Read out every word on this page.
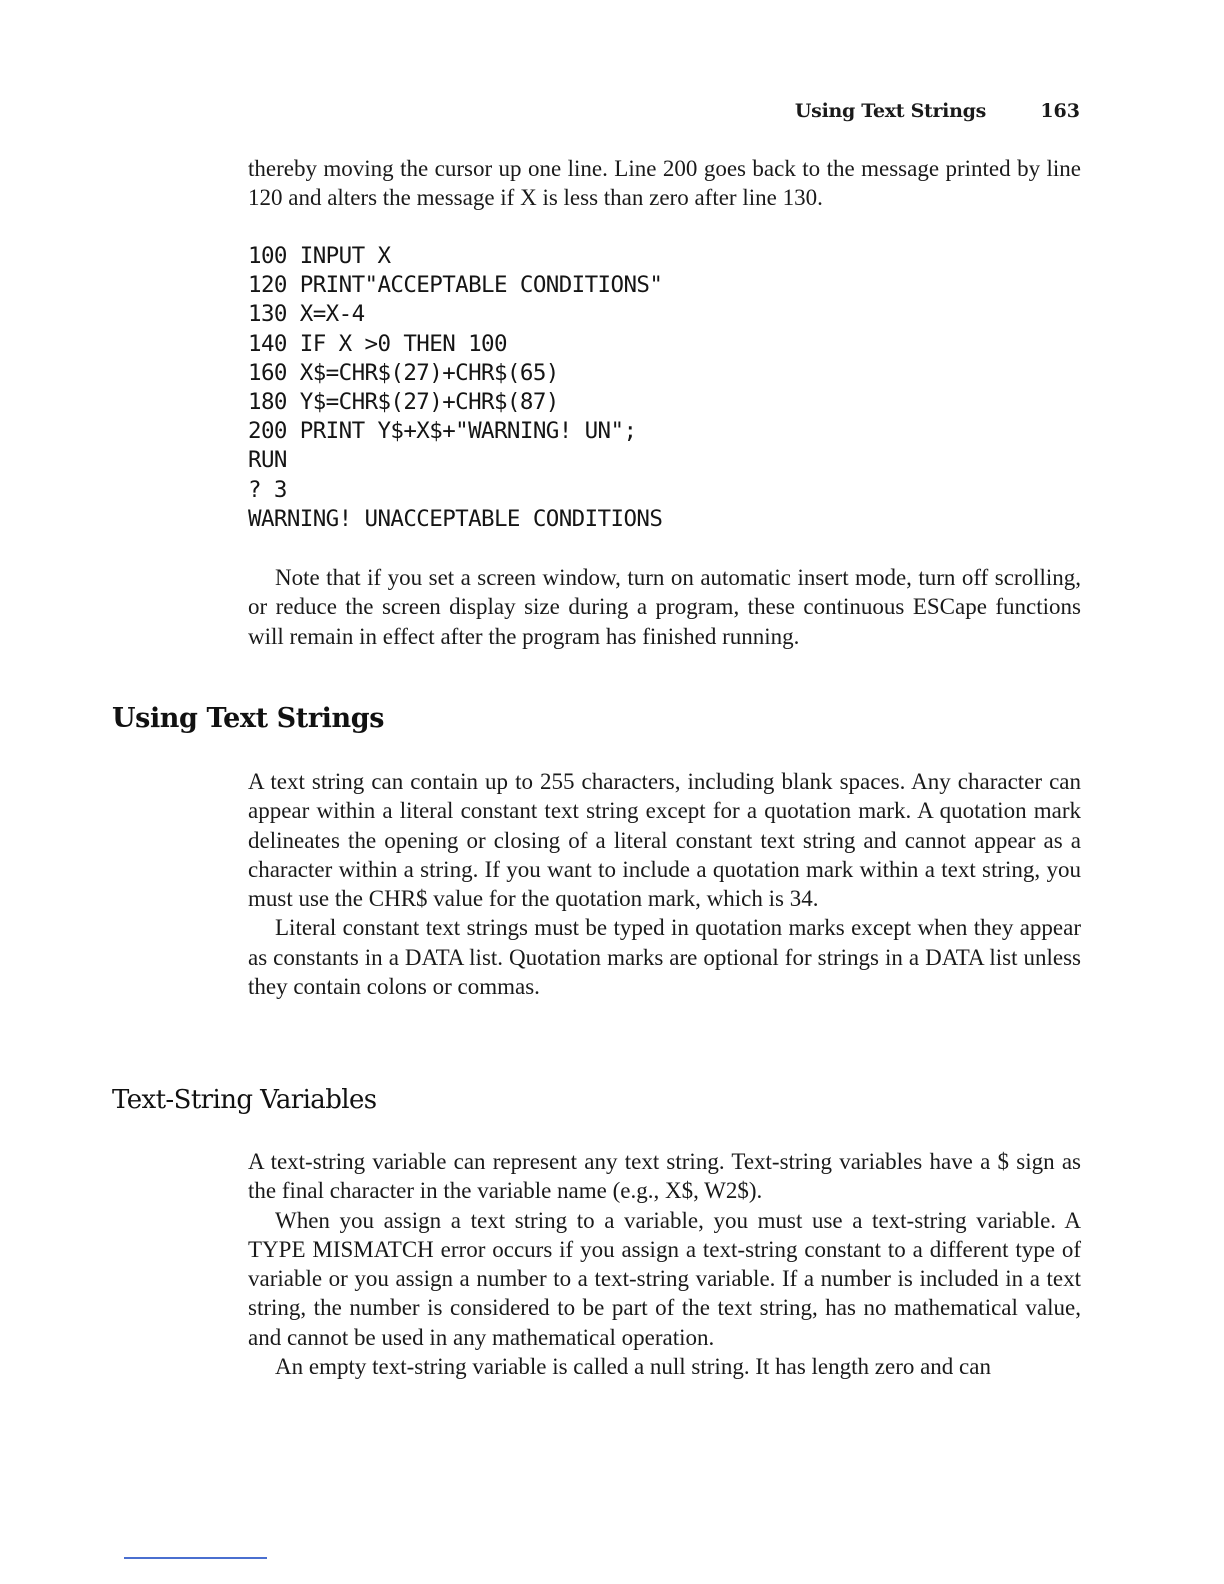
Using Text Strings	163

thereby moving the cursor up one line. Line 200 goes back to the message printed by line 120 and alters the message if X is less than zero after line 130.

100 INPUT X
120 PRINT"ACCEPTABLE CONDITIONS"
130 X=X-4
140 IF X >0 THEN 100
160 X$=CHR$(27)+CHR$(65)
180 Y$=CHR$(27)+CHR$(87)
200 PRINT Y$+X$+"WARNING! UN";
RUN
? 3
WARNING! UNACCEPTABLE CONDITIONS

Note that if you set a screen window, turn on automatic insert mode, turn off scrolling, or reduce the screen display size during a program, these continuous ESCape functions will remain in effect after the program has finished running.

Using Text Strings

A text string can contain up to 255 characters, including blank spaces. Any character can appear within a literal constant text string except for a quotation mark. A quotation mark delineates the opening or closing of a literal constant text string and cannot appear as a character within a string. If you want to include a quotation mark within a text string, you must use the CHR$ value for the quotation mark, which is 34.

Literal constant text strings must be typed in quotation marks except when they appear as constants in a DATA list. Quotation marks are optional for strings in a DATA list unless they contain colons or commas.

Text-String Variables

A text-string variable can represent any text string. Text-string variables have a $ sign as the final character in the variable name (e.g., X$, W2$).

When you assign a text string to a variable, you must use a text-string variable. A TYPE MISMATCH error occurs if you assign a text-string constant to a different type of variable or you assign a number to a text-string variable. If a number is included in a text string, the number is considered to be part of the text string, has no mathematical value, and cannot be used in any mathematical operation.

An empty text-string variable is called a null string. It has length zero and can
